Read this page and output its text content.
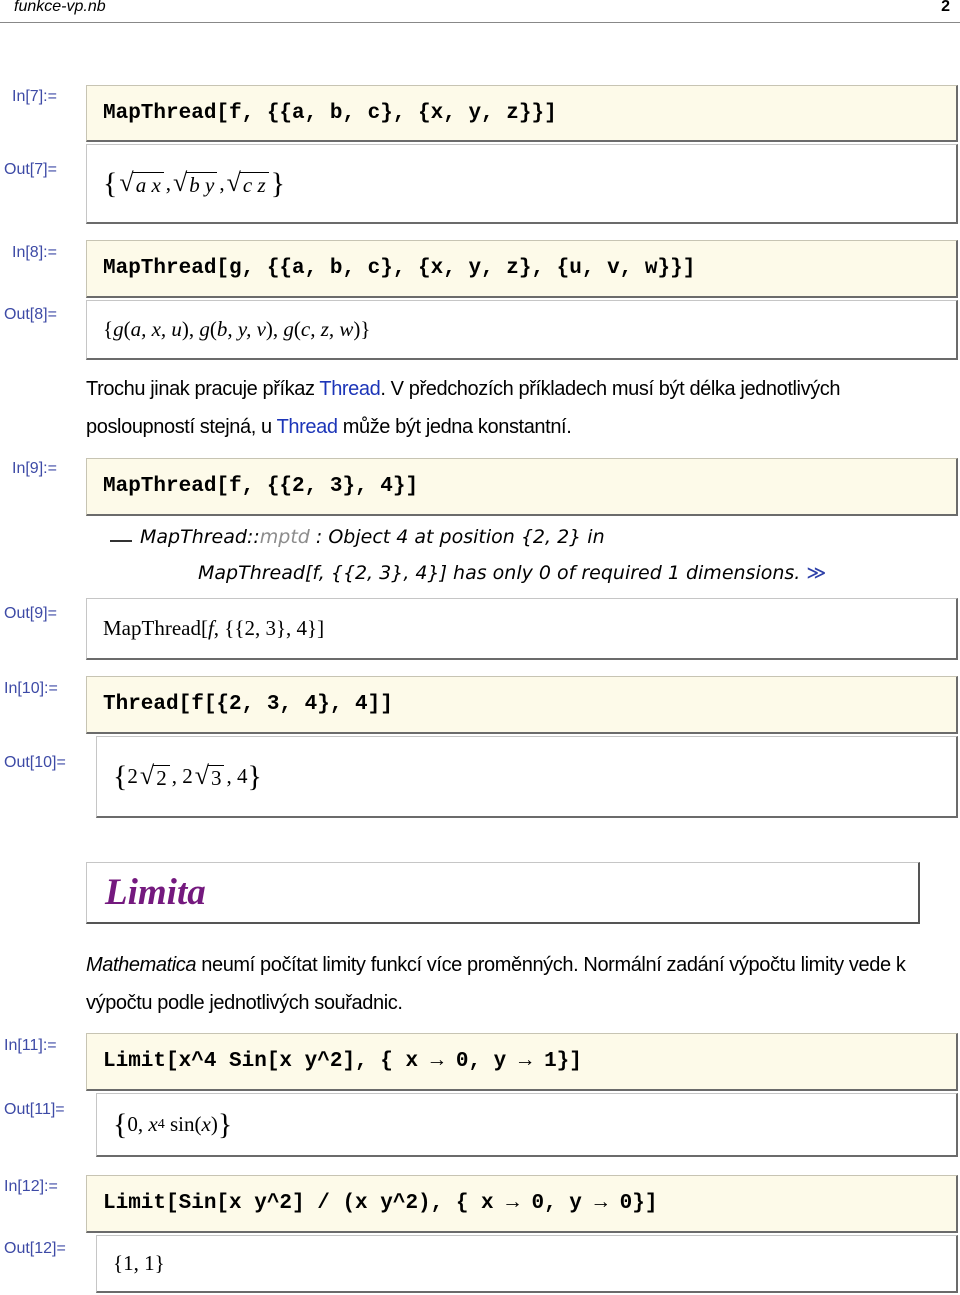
funkce-vp.nb	2
In[7]:=
MapThread[f, {{a, b, c}, {x, y, z}}]
Out[7]= { √ a x , √ b y , √ c z }
In[8]:=
MapThread[g, {{a, b, c}, {x, y, z}, {u, v, w}}]
Out[8]=
{ g ( a, x, u ), g ( b, y, v ), g ( c, z, w ) }
Trochu jinak pracuje příkaz Thread. V předchozích příkladech musí být délka jednotlivých posloupností stejná, u Thread může být jedna konstantní.
In[9]:=
MapThread[f, {{2, 3}, 4}]
MapThread::mptd : Object 4 at position {2, 2} in
MapThread[f, {{2, 3}, 4}] has only 0 of required 1 dimensions. ≫
Out[9]=
MapThread[ f , {{2, 3}, 4}]
In[10]:=
Thread[f[{2, 3, 4}, 4]]
Out[10]= { 2 √ 2 , 2 √ 3 , 4 }
Limita
Mathematica neumí počítat limity funkcí více proměnných. Normální zadání výpočtu limity vede k výpočtu podle jednotlivých souřadnic.
In[11]:=
Limit[x^4 Sin[x y^2], { x → 0, y → 1}]
Out[11]= { 0,
x 4
sin( x ) }
In[12]:=
Limit[Sin[x y^2] / (x y^2), { x → 0, y → 0}]
Out[12]=
{1, 1}
